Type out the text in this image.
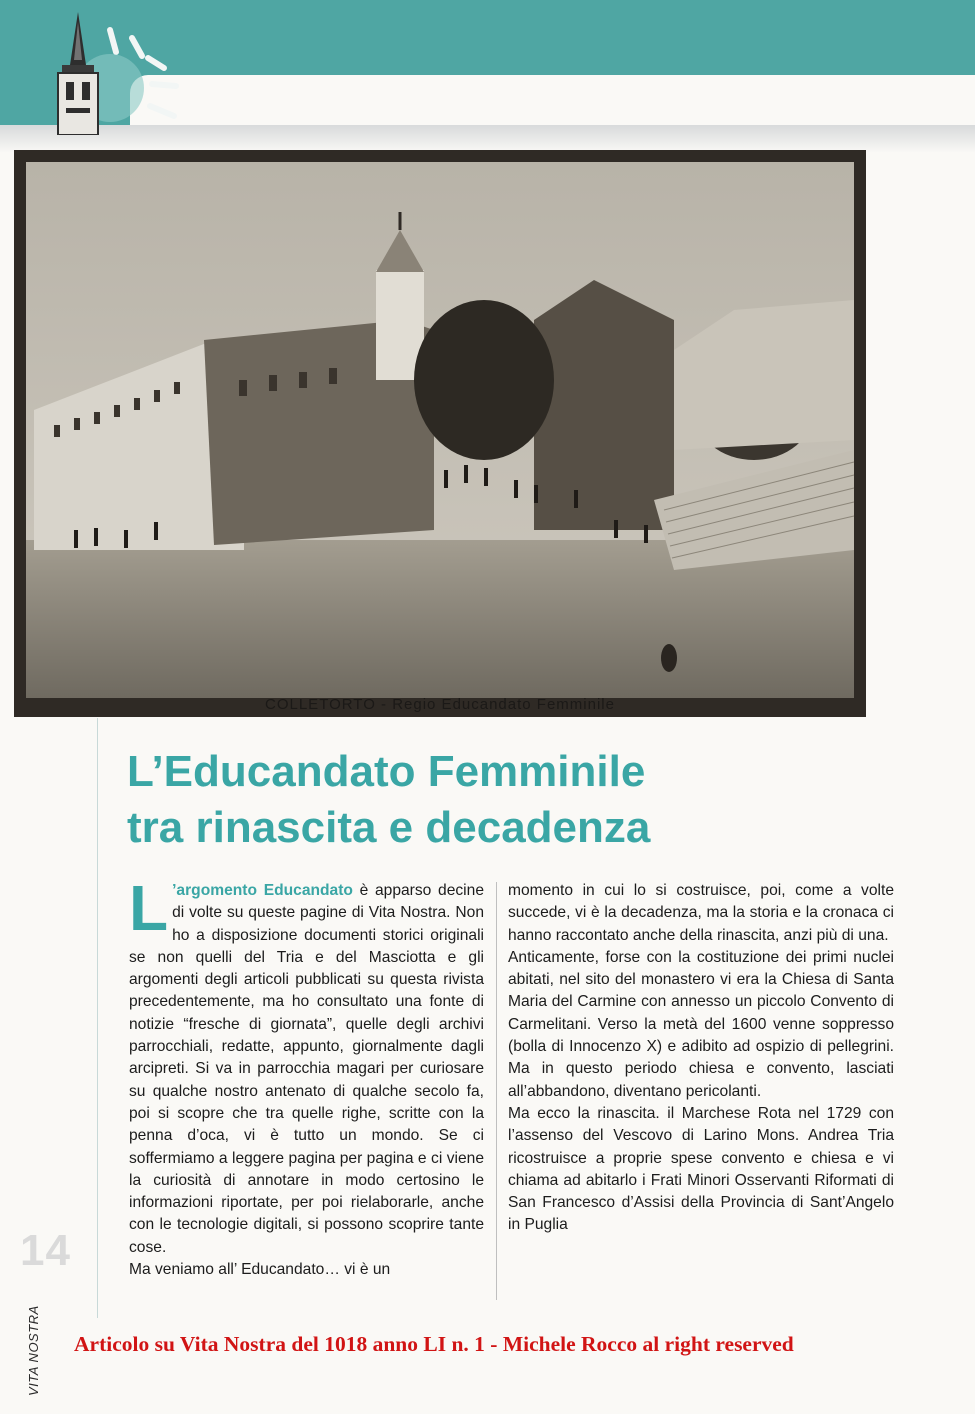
COLLETORTO - Regio Educandato Femminile
L’Educandato Femminile
tra rinascita e decadenza

L ’argomento Educandato è apparso decine di volte su queste pagine di Vita Nostra. Non ho a disposizione documenti storici originali se non quelli del Tria e del Masciotta e gli argomenti degli articoli pubblicati su questa rivista precedentemente, ma ho consultato una fonte di notizie “fresche di giornata”, quelle degli archivi parrocchiali, redatte, appunto, giornalmente dagli arcipreti. Si va in parrocchia magari per curiosare su qualche nostro antenato di qualche secolo fa, poi si scopre che tra quelle righe, scritte con la penna d’oca, vi è tutto un mondo. Se ci soffermiamo a leggere pagina per pagina e ci viene la curiosità di annotare in modo certosino le informazioni riportate, per poi rielaborarle, anche con le tecnologie digitali, si possono scoprire tante cose.

Ma veniamo all’ Educandato… vi è un

momento in cui lo si costruisce, poi, come a volte succede, vi è la decadenza, ma la storia e la cronaca ci hanno raccontato anche della rinascita, anzi più di una.

Anticamente, forse con la costituzione dei primi nuclei abitati, nel sito del monastero vi era la Chiesa di Santa Maria del Carmine con annesso un piccolo Convento di Carmelitani. Verso la metà del 1600 venne soppresso (bolla di Innocenzo X) e adibito ad ospizio di pellegrini. Ma in questo periodo chiesa e convento, lasciati all’abbandono, diventano pericolanti.

Ma ecco la rinascita. il Marchese Rota nel 1729 con l’assenso del Vescovo di Larino Mons. Andrea Tria ricostruisce a proprie spese convento e chiesa e vi chiama ad abitarlo i Frati Minori Osservanti Riformati di San Francesco d’Assisi della Provincia di Sant’Angelo in Puglia

14
VITA NOSTRA Articolo su Vita Nostra del 1018 anno LI n. 1 - Michele Rocco al right reserved
